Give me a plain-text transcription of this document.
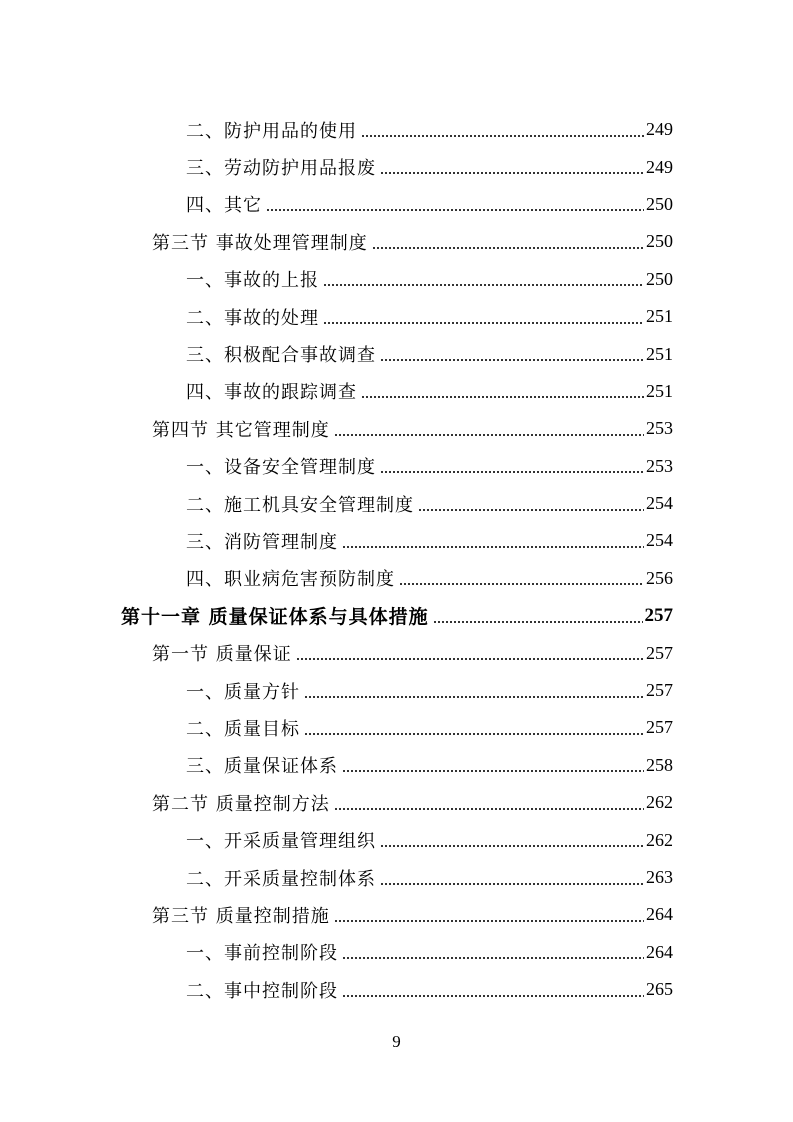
二、防护用品的使用	249
三、劳动防护用品报废	249
四、其它	250
第三节 事故处理管理制度	250
一、事故的上报	250
二、事故的处理	251
三、积极配合事故调查	251
四、事故的跟踪调查	251
第四节 其它管理制度	253
一、设备安全管理制度	253
二、施工机具安全管理制度	254
三、消防管理制度	254
四、职业病危害预防制度	256
第十一章 质量保证体系与具体措施	257
第一节 质量保证	257
一、质量方针	257
二、质量目标	257
三、质量保证体系	258
第二节 质量控制方法	262
一、开采质量管理组织	262
二、开采质量控制体系	263
第三节 质量控制措施	264
一、事前控制阶段	264
二、事中控制阶段	265
9
